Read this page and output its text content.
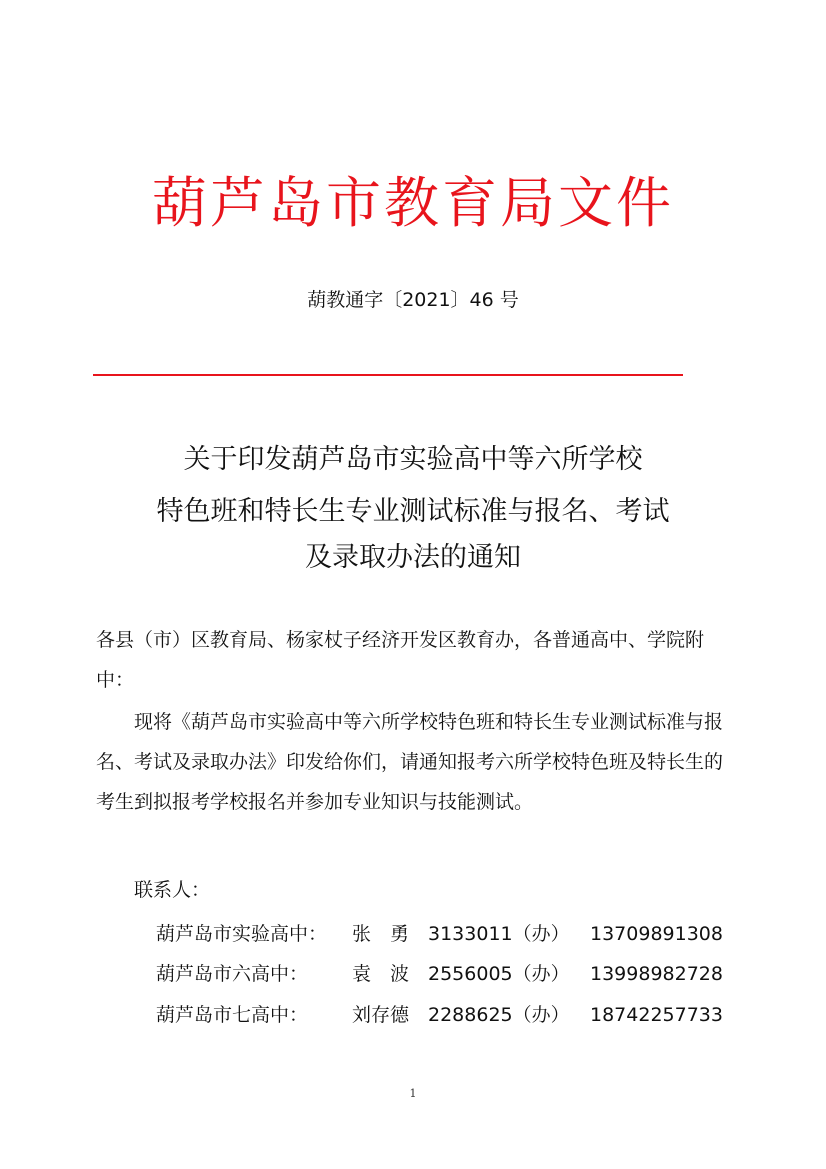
葫芦岛市教育局文件
葫教通字〔2021〕46 号
关于印发葫芦岛市实验高中等六所学校
特色班和特长生专业测试标准与报名、考试
及录取办法的通知
各县（市）区教育局、杨家杖子经济开发区教育办，各普通高中、学院附中：
现将《葫芦岛市实验高中等六所学校特色班和特长生专业测试标准与报名、考试及录取办法》印发给你们，请通知报考六所学校特色班及特长生的考生到拟报考学校报名并参加专业知识与技能测试。
联系人：
葫芦岛市实验高中： 张　勇 3133011（办） 13709891308
葫芦岛市六高中： 袁　波 2556005（办） 13998982728
葫芦岛市七高中： 刘存德 2288625（办） 18742257733
1
